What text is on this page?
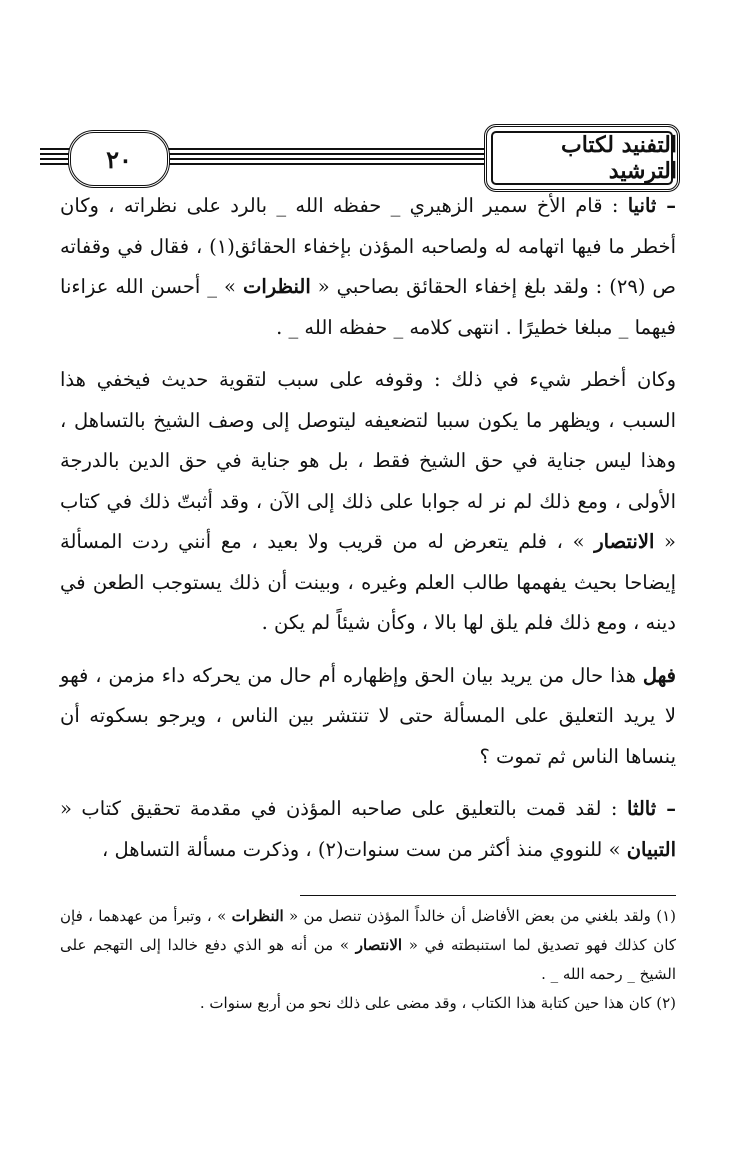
التفنيد لكتاب الترشيد
٢٠

– ثانيا : قام الأخ سمير الزهيري _ حفظه الله _ بالرد على نظراته ، وكان أخطر ما فيها اتهامه له ولصاحبه المؤذن بإخفاء الحقائق(١) ، فقال في وقفاته ص (٢٩) : ولقد بلغ إخفاء الحقائق بصاحبي « النظرات » _ أحسن الله عزاءنا فيهما _ مبلغا خطيرًا . انتهى كلامه _ حفظه الله _ .

وكان أخطر شيء في ذلك : وقوفه على سبب لتقوية حديث فيخفي هذا السبب ، ويظهر ما يكون سببا لتضعيفه ليتوصل إلى وصف الشيخ بالتساهل ، وهذا ليس جناية في حق الشيخ فقط ، بل هو جناية في حق الدين بالدرجة الأولى ، ومع ذلك لم نر له جوابا على ذلك إلى الآن ، وقد أثبتّ ذلك في كتاب « الانتصار » ، فلم يتعرض له من قريب ولا بعيد ، مع أنني ردت المسألة إيضاحا بحيث يفهمها طالب العلم وغيره ، وبينت أن ذلك يستوجب الطعن في دينه ، ومع ذلك فلم يلق لها بالا ، وكأن شيئاً لم يكن .

فهل هذا حال من يريد بيان الحق وإظهاره أم حال من يحركه داء مزمن ، فهو لا يريد التعليق على المسألة حتى لا تنتشر بين الناس ، ويرجو بسكوته أن ينساها الناس ثم تموت ؟

– ثالثا : لقد قمت بالتعليق على صاحبه المؤذن في مقدمة تحقيق كتاب « التبيان » للنووي منذ أكثر من ست سنوات(٢) ، وذكرت مسألة التساهل ،

(١) ولقد بلغني من بعض الأفاضل أن خالداً المؤذن تنصل من « النظرات » ، وتبرأ من عهدهما ، فإن كان كذلك فهو تصديق لما استنبطته في « الانتصار » من أنه هو الذي دفع خالدا إلى التهجم على الشيخ _ رحمه الله _ .

(٢) كان هذا حين كتابة هذا الكتاب ، وقد مضى على ذلك نحو من أربع سنوات .
